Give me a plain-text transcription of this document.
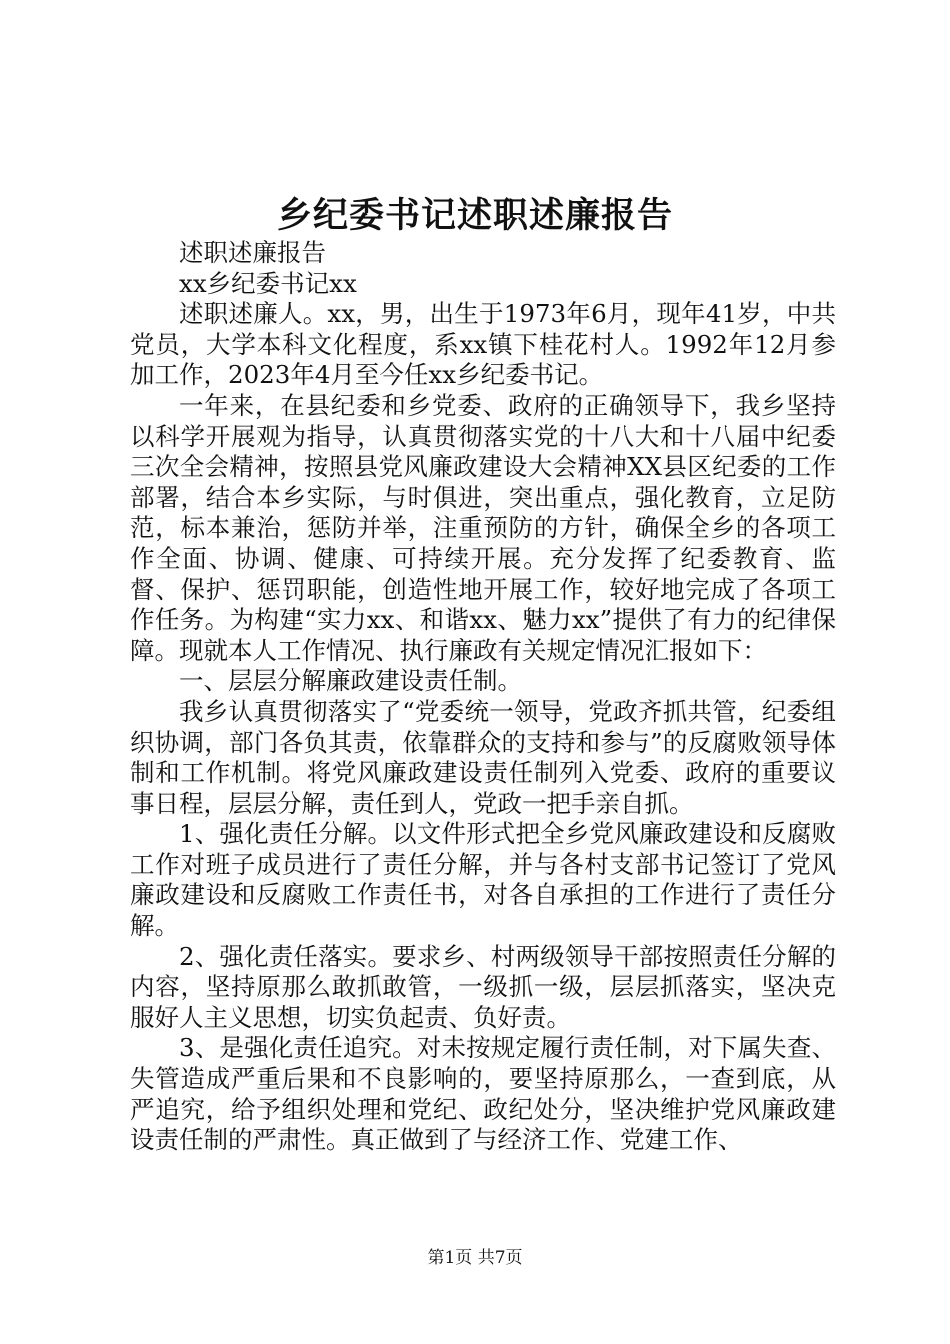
乡纪委书记述职述廉报告

述职述廉报告

xx乡纪委书记xx

述职述廉人。xx，男，出生于1973年6月，现年41岁，中共党员，大学本科文化程度，系xx镇下桂花村人。1992年12月参加工作，2023年4月至今任xx乡纪委书记。

一年来，在县纪委和乡党委、政府的正确领导下，我乡坚持以科学开展观为指导，认真贯彻落实党的十八大和十八届中纪委三次全会精神，按照县党风廉政建设大会精神XX县区纪委的工作部署，结合本乡实际，与时俱进，突出重点，强化教育，立足防范，标本兼治，惩防并举，注重预防的方针，确保全乡的各项工作全面、协调、健康、可持续开展。充分发挥了纪委教育、监督、保护、惩罚职能，创造性地开展工作，较好地完成了各项工作任务。为构建“实力xx、和谐xx、魅力xx”提供了有力的纪律保障。现就本人工作情况、执行廉政有关规定情况汇报如下：

一、层层分解廉政建设责任制。

我乡认真贯彻落实了“党委统一领导，党政齐抓共管，纪委组织协调，部门各负其责，依靠群众的支持和参与”的反腐败领导体制和工作机制。将党风廉政建设责任制列入党委、政府的重要议事日程，层层分解，责任到人，党政一把手亲自抓。

1、强化责任分解。以文件形式把全乡党风廉政建设和反腐败工作对班子成员进行了责任分解，并与各村支部书记签订了党风廉政建设和反腐败工作责任书，对各自承担的工作进行了责任分解。

2、强化责任落实。要求乡、村两级领导干部按照责任分解的内容，坚持原那么敢抓敢管，一级抓一级，层层抓落实，坚决克服好人主义思想，切实负起责、负好责。

3、是强化责任追究。对未按规定履行责任制，对下属失查、失管造成严重后果和不良影响的，要坚持原那么，一查到底，从严追究，给予组织处理和党纪、政纪处分，坚决维护党风廉政建设责任制的严肃性。真正做到了与经济工作、党建工作、

第1页 共7页
